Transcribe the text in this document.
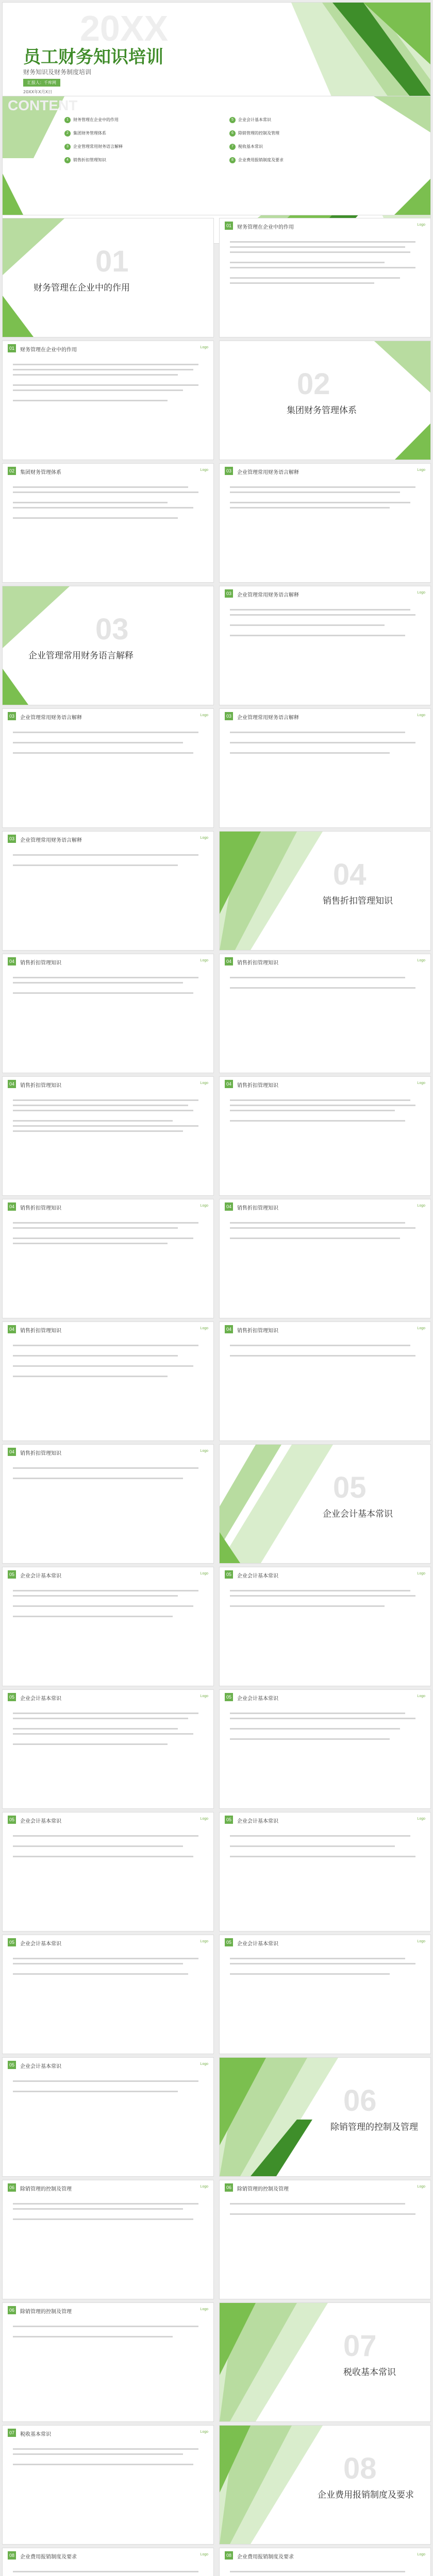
20XX
员工财务知识培训
财务知识及财务制度培训
汇报人：千库网
20XX年X月X日
CONTENT
1 财务管理在企业中的作用
2 集团财务管理体系
3 企业管理常用财务语言解释
4 销售折扣管理知识
5 企业会计基本常识
6 除销管理的控制及管理
7 税收基本常识
8 企业费用报销制度及要求
01
财务管理在企业中的作用
01	财务管理在企业中的作用	Logo
01	财务管理在企业中的作用	Logo
02
集团财务管理体系
02	集团财务管理体系	Logo	03	企业管理常用财务语言解释	Logo
03
企业管理常用财务语言解释
03	企业管理常用财务语言解释	Logo
03	企业管理常用财务语言解释	Logo	03	企业管理常用财务语言解释	Logo
03	企业管理常用财务语言解释	Logo
04
销售折扣管理知识
04	销售折扣管理知识	Logo	04	销售折扣管理知识	Logo
04	销售折扣管理知识	Logo	04	销售折扣管理知识	Logo
04	销售折扣管理知识	Logo	04	销售折扣管理知识	Logo
04	销售折扣管理知识	Logo	04	销售折扣管理知识	Logo
04	销售折扣管理知识	Logo
05
企业会计基本常识
05	企业会计基本常识	Logo	05	企业会计基本常识	Logo
05	企业会计基本常识	Logo	05	企业会计基本常识	Logo
05	企业会计基本常识	Logo	05	企业会计基本常识	Logo
05	企业会计基本常识	Logo	05	企业会计基本常识	Logo
05	企业会计基本常识	Logo
06
除销管理的控制及管理
06	除销管理的控制及管理	Logo	06	除销管理的控制及管理	Logo
06	除销管理的控制及管理	Logo
07
税收基本常识
07	税收基本常识	Logo
08
企业费用报销制度及要求
08	企业费用报销制度及要求	Logo	08	企业费用报销制度及要求	Logo
